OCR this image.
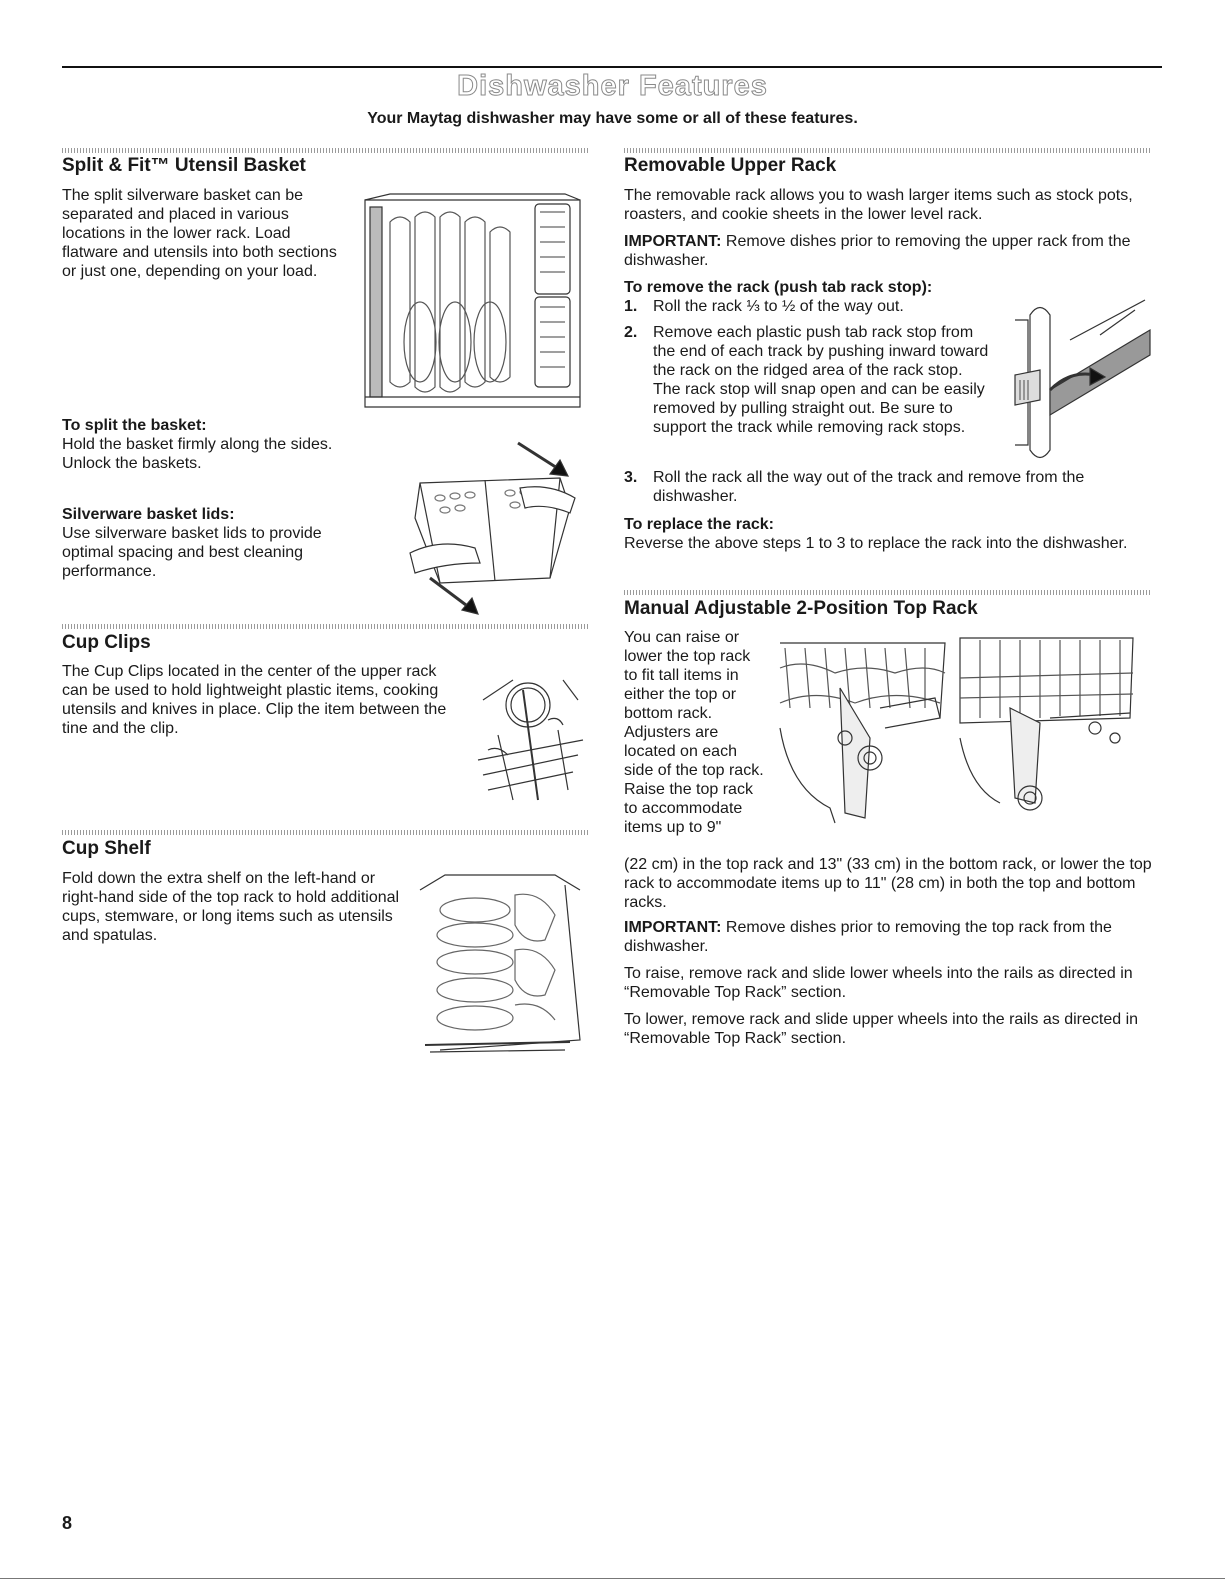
Dishwasher Features
Your Maytag dishwasher may have some or all of these features.
Split & Fit™ Utensil Basket

The split silverware basket can be separated and placed in various locations in the lower rack. Load flatware and utensils into both sections or just one, depending on your load.

To split the basket:

Hold the basket firmly along the sides. Unlock the baskets.

Silverware basket lids:

Use silverware basket lids to provide optimal spacing and best cleaning performance.

Cup Clips

The Cup Clips located in the center of the upper rack can be used to hold lightweight plastic items, cooking utensils and knives in place. Clip the item between the tine and the clip.

Cup Shelf

Fold down the extra shelf on the left-hand or right-hand side of the top rack to hold additional cups, stemware, or long items such as utensils and spatulas.

Removable Upper Rack

The removable rack allows you to wash larger items such as stock pots, roasters, and cookie sheets in the lower level rack.

IMPORTANT: Remove dishes prior to removing the upper rack from the dishwasher.

To remove the rack (push tab rack stop):
1. Roll the rack ⅓ to ½ of the way out.
2. Remove each plastic push tab rack stop from the end of each track by pushing inward toward the rack on the ridged area of the rack stop. The rack stop will snap open and can be easily removed by pulling straight out. Be sure to support the track while removing rack stops.
3. Roll the rack all the way out of the track and remove from the dishwasher.
To replace the rack:

Reverse the above steps 1 to 3 to replace the rack into the dishwasher.

Manual Adjustable 2-Position Top Rack

You can raise or lower the top rack to fit tall items in either the top or bottom rack. Adjusters are located on each side of the top rack. Raise the top rack to accommodate items up to 9"

(22 cm) in the top rack and 13" (33 cm) in the bottom rack, or lower the top rack to accommodate items up to 11" (28 cm) in both the top and bottom racks.

IMPORTANT: Remove dishes prior to removing the top rack from the dishwasher.

To raise, remove rack and slide lower wheels into the rails as directed in “Removable Top Rack” section.

To lower, remove rack and slide upper wheels into the rails as directed in “Removable Top Rack” section.

8
